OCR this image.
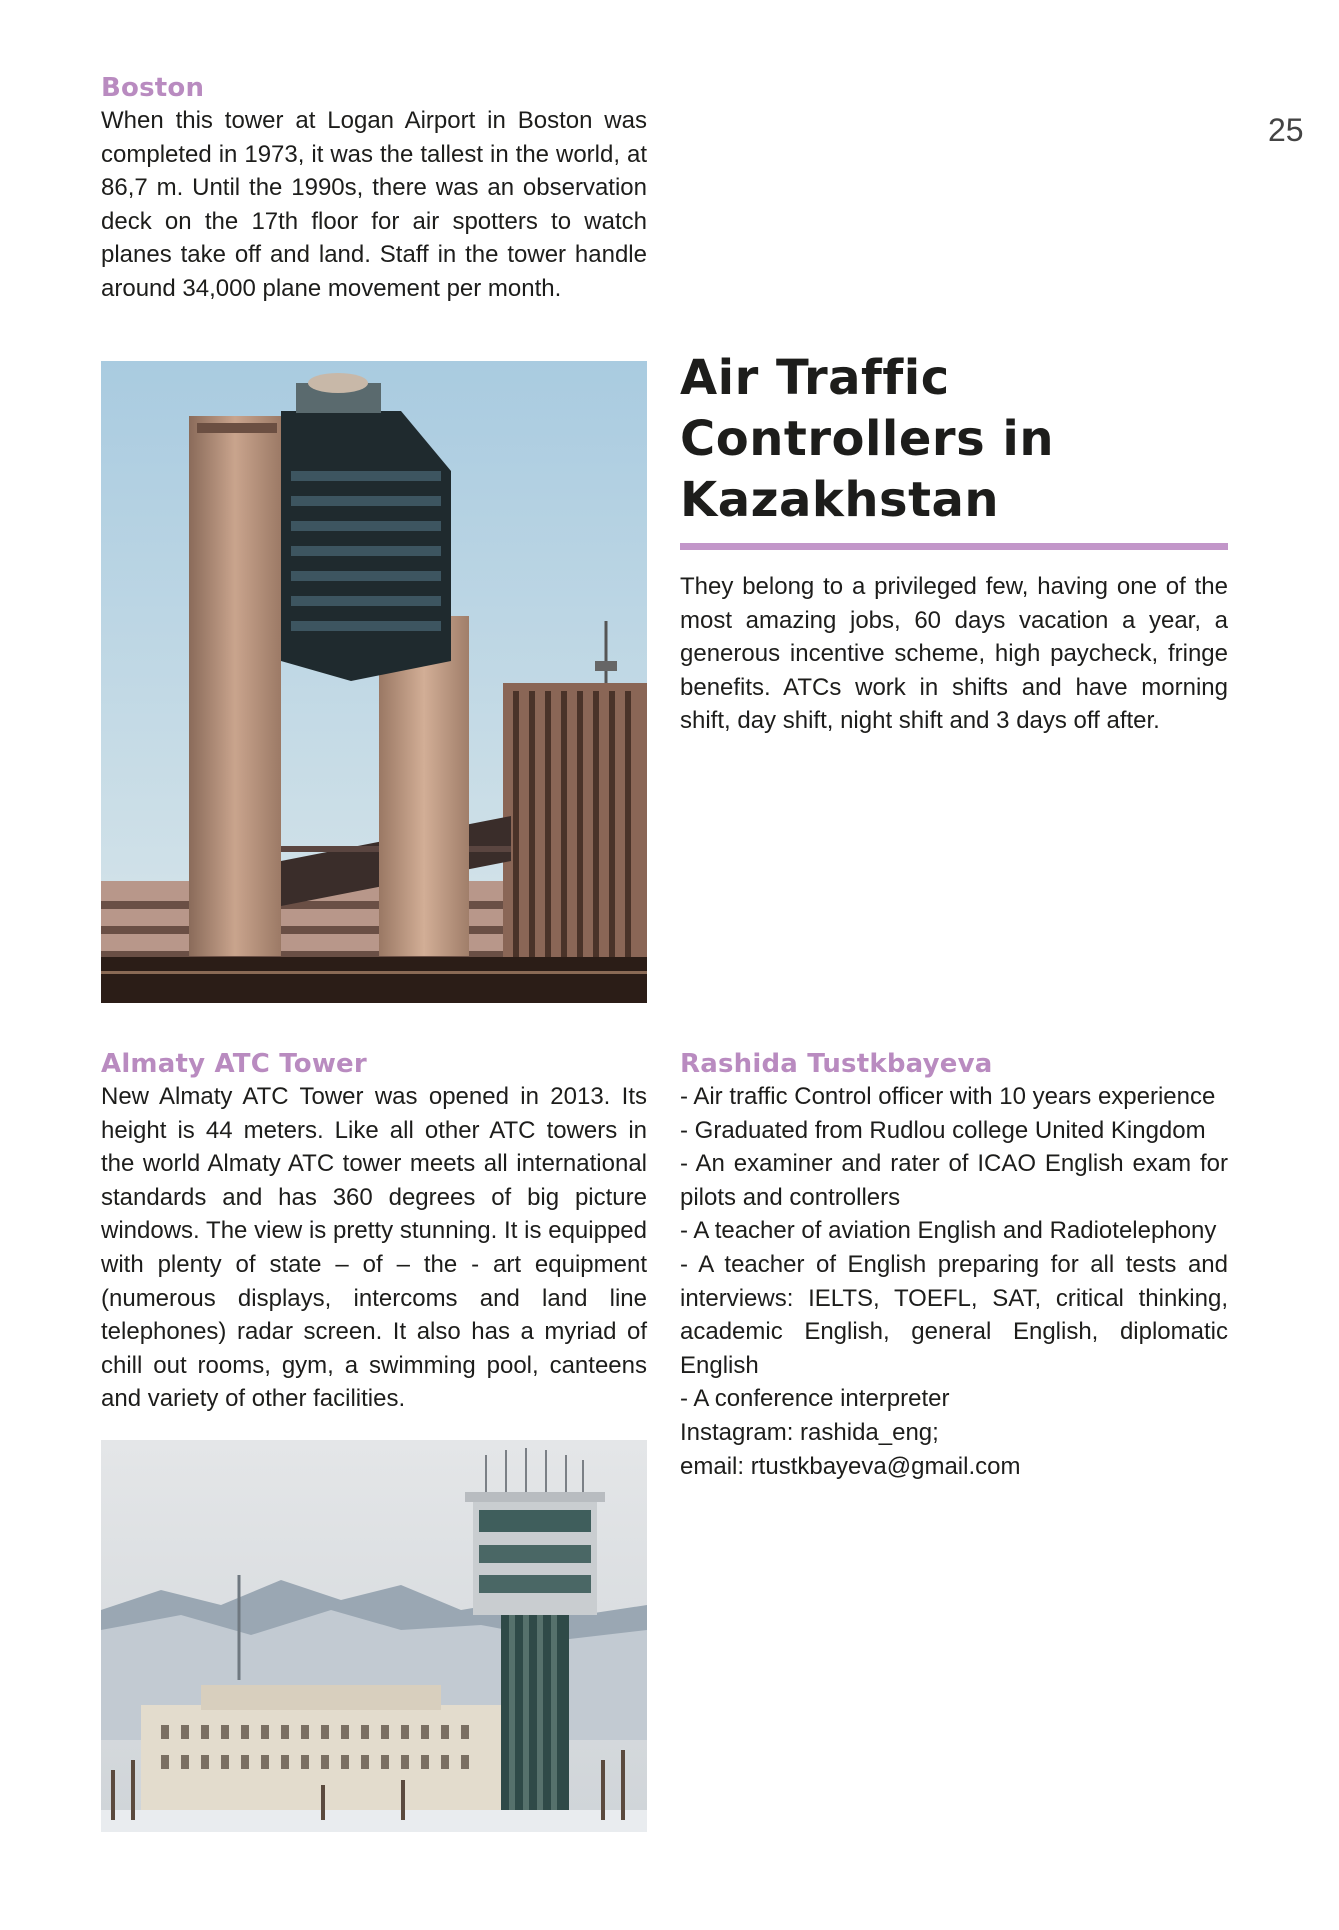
25
Boston
When this tower at Logan Airport in Boston was completed in 1973, it was the tallest in the world, at 86,7 m. Until the 1990s, there was an observation deck on the 17th floor for air spotters to watch planes take off and land. Staff in the tower handle around 34,000 plane movement per month.
Air Traffic
Controllers in
Kazakhstan
They belong to a privileged few, having one of the most amazing jobs, 60 days vacation a year, a generous incentive scheme, high paycheck, fringe benefits. ATCs work in shifts and have morning shift, day shift, night shift and 3 days off after.
Almaty ATC Tower
New Almaty ATC Tower was opened in 2013. Its height is 44 meters. Like all other ATC towers in the world Almaty ATC tower meets all international standards and has 360 degrees of big picture windows. The view is pretty stunning. It is equipped with plenty of state – of – the - art equipment (numerous displays, intercoms and land line telephones) radar screen. It also has a myriad of chill out rooms, gym, a swimming pool, canteens and variety of other facilities.
Rashida Tustkbayeva
- Air traffic Control officer with 10 years experience
- Graduated from Rudlou college United Kingdom
- An examiner and rater of ICAO English exam for pilots and controllers
- A teacher of aviation English and Radiotelephony
- A teacher of English preparing for all tests and interviews: IELTS, TOEFL, SAT, critical thinking, academic English, general English, diplomatic English
- A conference interpreter
Instagram: rashida_eng;
email: rtustkbayeva@gmail.com
